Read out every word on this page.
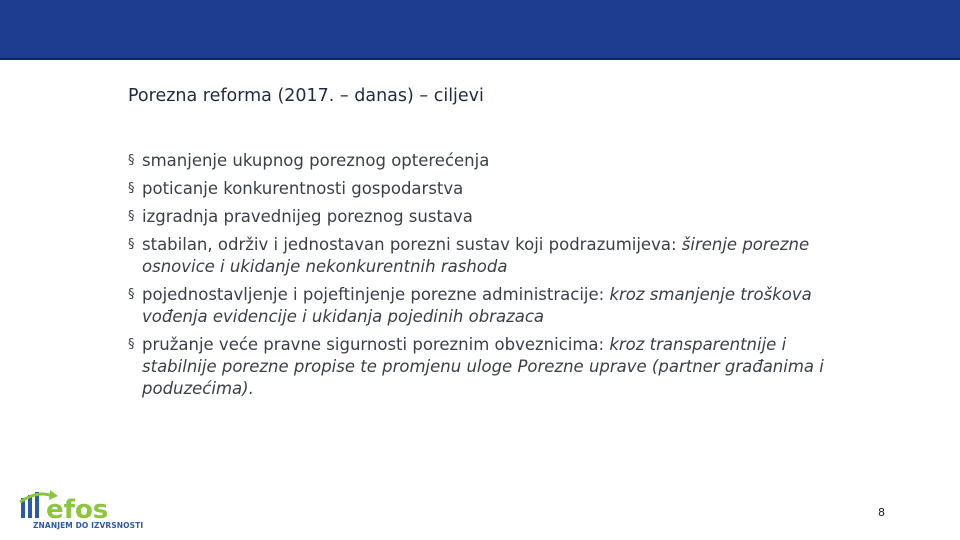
Porezna reforma (2017. – danas) – ciljevi
§ smanjenje ukupnog poreznog opterećenja
§ poticanje konkurentnosti gospodarstva
§ izgradnja pravednijeg poreznog sustava
§ stabilan, održiv i jednostavan porezni sustav koji podrazumijeva: širenje porezne osnovice i ukidanje nekonkurentnih rashoda
§ pojednostavljenje i pojeftinjenje porezne administracije: kroz smanjenje troškova vođenja evidencije i ukidanja pojedinih obrazaca
§ pružanje veće pravne sigurnosti poreznim obveznicima: kroz transparentnije i stabilnije porezne propise te promjenu uloge Porezne uprave (partner građanima i poduzećima).
efos
ZNANJEM DO IZVRSNOSTI
8
